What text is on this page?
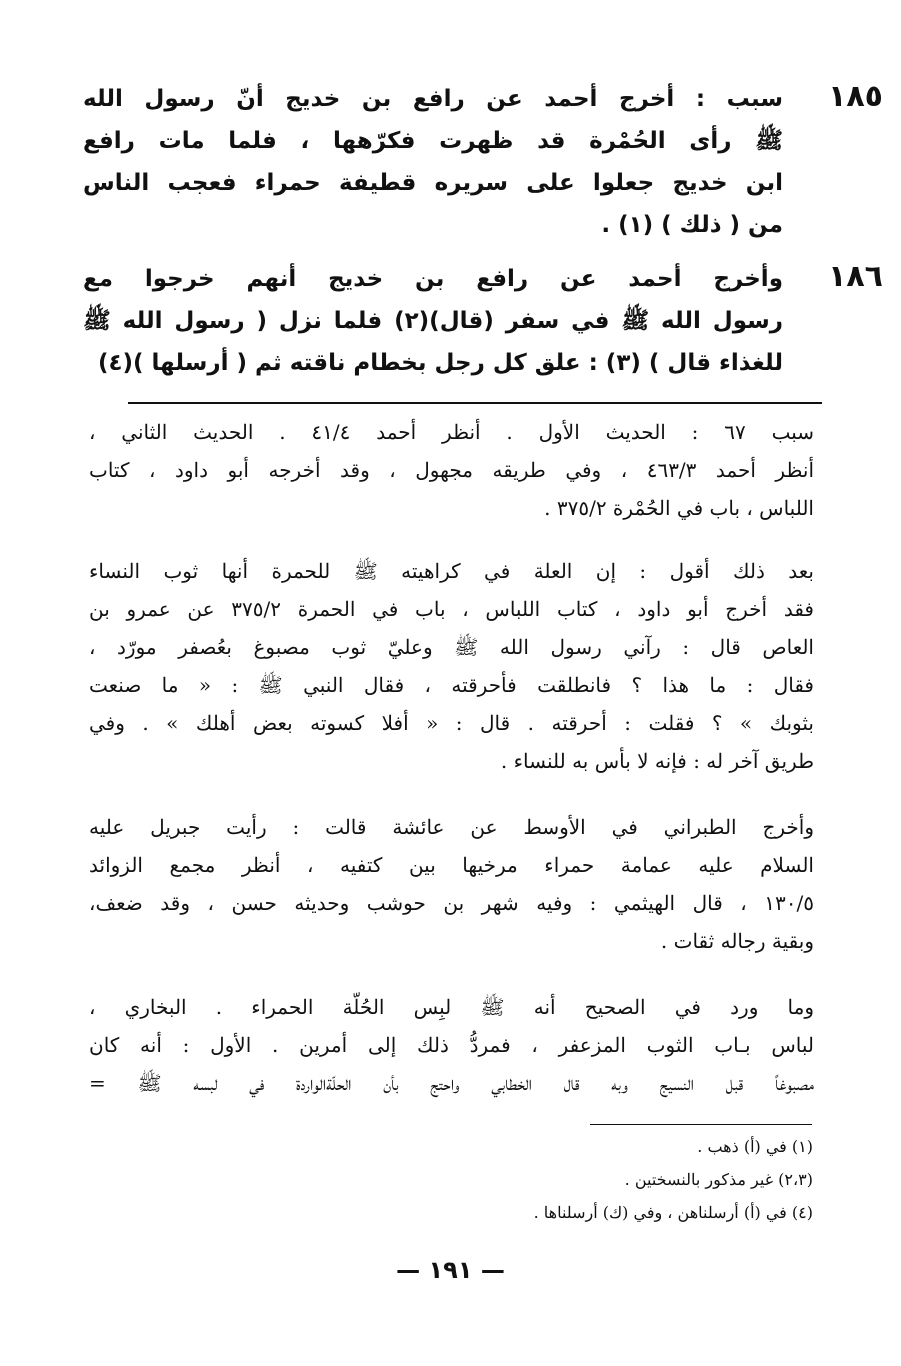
١٨٥
سبب : أخرج أحمد عن رافع بن خديج أنّ رسول الله
ﷺ رأى الحُمْرة قد ظهرت فكرّهها ، فلما مات رافع
ابن خديج جعلوا على سريره قطيفة حمراء فعجب الناس
من ( ذلك ) (١) .
١٨٦
وأخرج أحمد عن رافع بن خديج أنهم خرجوا مع
رسول الله ﷺ في سفر (قال)(٢) فلما نزل ( رسول الله ﷺ
للغذاء قال ) (٣) : علق كل رجل بخطام ناقته ثم ( أرسلها )(٤)
سبب ٦٧ : الحديث الأول . أنظر أحمد ٤١/٤ . الحديث الثاني ،
أنظر أحمد ٤٦٣/٣ ، وفي طريقه مجهول ، وقد أخرجه أبو داود ، كتاب
اللباس ، باب في الحُمْرة ٣٧٥/٢ .
بعد ذلك أقول : إن العلة في كراهيته ﷺ للحمرة أنها ثوب النساء
فقد أخرج أبو داود ، كتاب اللباس ، باب في الحمرة ٣٧٥/٢ عن عمرو بن
العاص قال : رآني رسول الله ﷺ وعليّ ثوب مصبوغ بعُصفر مورّد ،
فقال : ما هذا ؟ فانطلقت فأحرقته ، فقال النبي ﷺ : « ما صنعت
بثوبك » ؟ فقلت : أحرقته . قال : « أفلا كسوته بعض أهلك » . وفي
طريق آخر له : فإنه لا بأس به للنساء .
وأخرج الطبراني في الأوسط عن عائشة قالت : رأيت جبريل عليه
السلام عليه عمامة حمراء مرخيها بين كتفيه ، أنظر مجمع الزوائد
١٣٠/٥ ، قال الهيثمي : وفيه شهر بن حوشب وحديثه حسن ، وقد ضعف،
وبقية رجاله ثقات .
وما ورد في الصحيح أنه ﷺ لبِس الحُلّة الحمراء . البخاري ،
لباس بـاب الثوب المزعفر ، فمردُّ ذلك إلى أمرين . الأول : أنه كان
مصبوغاً قبل النسيج وبه قال الخطابي واحتج بأن الحلّةالواردة في لبسه ﷺ =
(١) في (أ) ذهب .
(٢،٣) غير مذكور بالنسختين .
(٤) في (أ) أرسلناهن ، وفي (ك) أرسلناها .
— ١٩١ —
